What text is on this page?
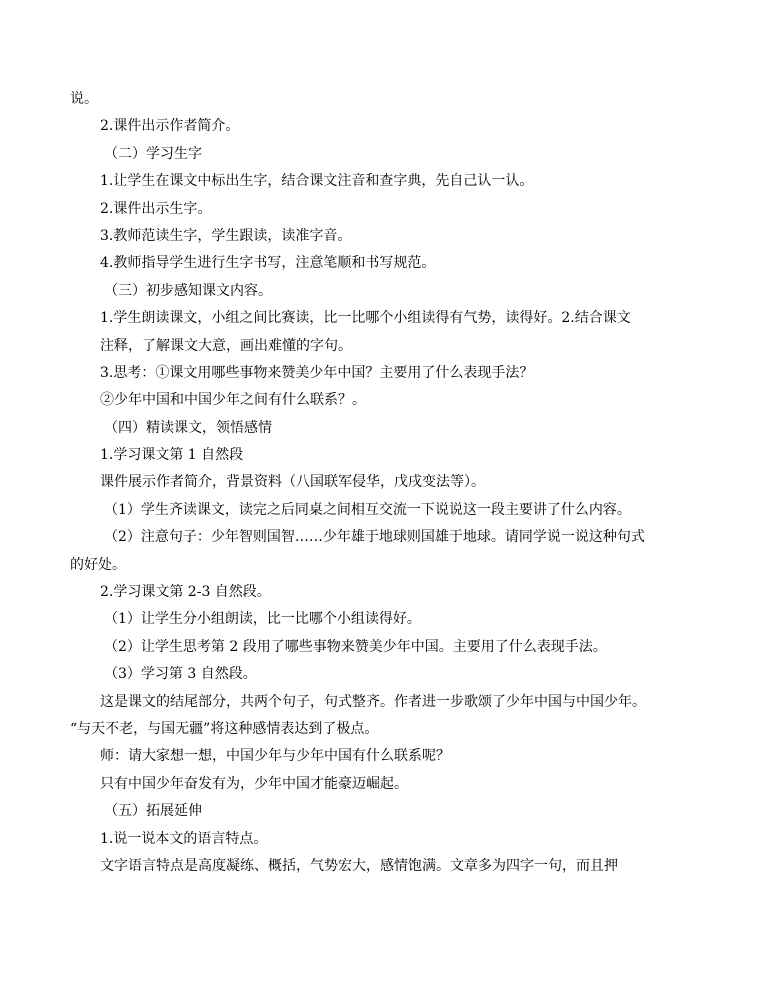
说。
2.课件出示作者简介。
（二）学习生字
1.让学生在课文中标出生字，结合课文注音和查字典，先自己认一认。
2.课件出示生字。
3.教师范读生字，学生跟读，读准字音。
4.教师指导学生进行生字书写，注意笔顺和书写规范。
（三）初步感知课文内容。
1.学生朗读课文，小组之间比赛读，比一比哪个小组读得有气势，读得好。2.结合课文
注释，了解课文大意，画出难懂的字句。
3.思考：①课文用哪些事物来赞美少年中国？主要用了什么表现手法？
②少年中国和中国少年之间有什么联系？。
（四）精读课文，领悟感情
1.学习课文第 1 自然段
课件展示作者简介，背景资料（八国联军侵华，戊戌变法等）。
（1）学生齐读课文，读完之后同桌之间相互交流一下说说这一段主要讲了什么内容。
（2）注意句子：少年智则国智……少年雄于地球则国雄于地球。请同学说一说这种句式
的好处。
2.学习课文第 2-3 自然段。
（1）让学生分小组朗读，比一比哪个小组读得好。
（2）让学生思考第 2 段用了哪些事物来赞美少年中国。主要用了什么表现手法。
（3）学习第 3 自然段。
这是课文的结尾部分，共两个句子，句式整齐。作者进一步歌颂了少年中国与中国少年。
“与天不老，与国无疆”将这种感情表达到了极点。
师：请大家想一想，中国少年与少年中国有什么联系呢？
只有中国少年奋发有为，少年中国才能豪迈崛起。
（五）拓展延伸
1.说一说本文的语言特点。
文字语言特点是高度凝练、概括，气势宏大，感情饱满。文章多为四字一句，而且押
